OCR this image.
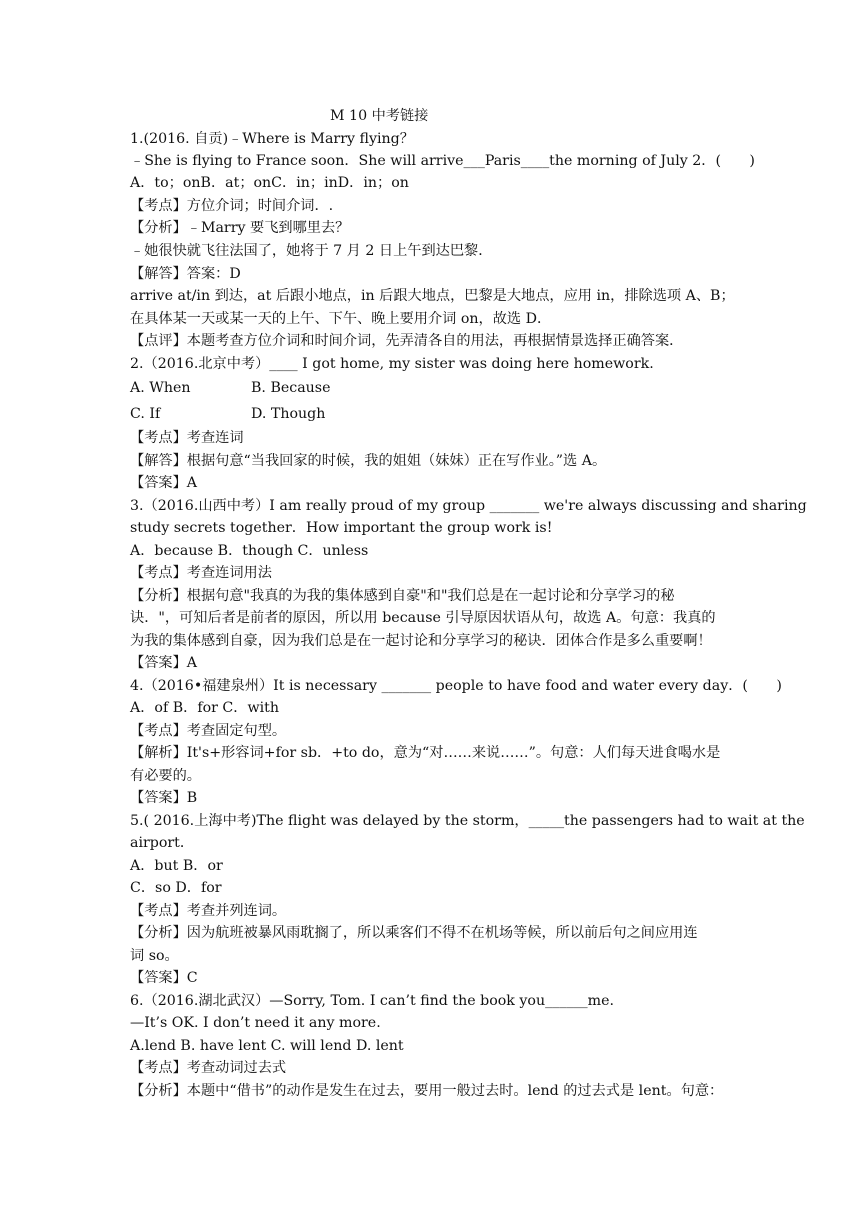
M 10 中考链接
1.(2016. 自贡)﹣Where is Marry flying？
﹣She is flying to France soon．She will arrive___Paris____the morning of July 2．(　　)
A．to；onB．at；onC．in；inD．in；on
【考点】方位介词；时间介词．.
【分析】﹣Marry 要飞到哪里去？
﹣她很快就飞往法国了，她将于 7 月 2 日上午到达巴黎．
【解答】答案：D
arrive at/in 到达，at 后跟小地点，in 后跟大地点，巴黎是大地点，应用 in，排除选项 A、B；
在具体某一天或某一天的上午、下午、晚上要用介词 on，故选 D．
【点评】本题考查方位介词和时间介词，先弄清各自的用法，再根据情景选择正确答案．
2.（2016.北京中考）____ I got home, my sister was doing here homework.
A. When	B. Because
C. If	D. Though
【考点】考查连词
【解答】根据句意“当我回家的时候，我的姐姐（妹妹）正在写作业。”选 A。
【答案】A
3.（2016.山西中考）I am really proud of my group _______ we're always discussing and sharing
study secrets together．How important the group work is!
A．because B．though C．unless
【考点】考查连词用法
【分析】根据句意"我真的为我的集体感到自豪"和"我们总是在一起讨论和分享学习的秘
诀．"，可知后者是前者的原因，所以用 because 引导原因状语从句，故选 A。句意：我真的
为我的集体感到自豪，因为我们总是在一起讨论和分享学习的秘诀．团体合作是多么重要啊！
【答案】A
4.（2016•福建泉州）It is necessary _______ people to have food and water every day．(　　)
A．of B．for C．with
【考点】考查固定句型。
【解析】It's+形容词+for sb．+to do，意为“对……来说……”。句意：人们每天进食喝水是
有必要的。
【答案】B
5.( 2016.上海中考)The flight was delayed by the storm，_____the passengers had to wait at the
airport．
A．but B．or
C．so D．for
【考点】考查并列连词。
【分析】因为航班被暴风雨耽搁了，所以乘客们不得不在机场等候，所以前后句之间应用连
词 so。
【答案】C
6.（2016.湖北武汉）—Sorry, Tom. I can’t find the book you______me.
—It’s OK. I don’t need it any more.
A.lend B. have lent C. will lend D. lent
【考点】考查动词过去式
【分析】本题中“借书”的动作是发生在过去，要用一般过去时。lend 的过去式是 lent。句意：
